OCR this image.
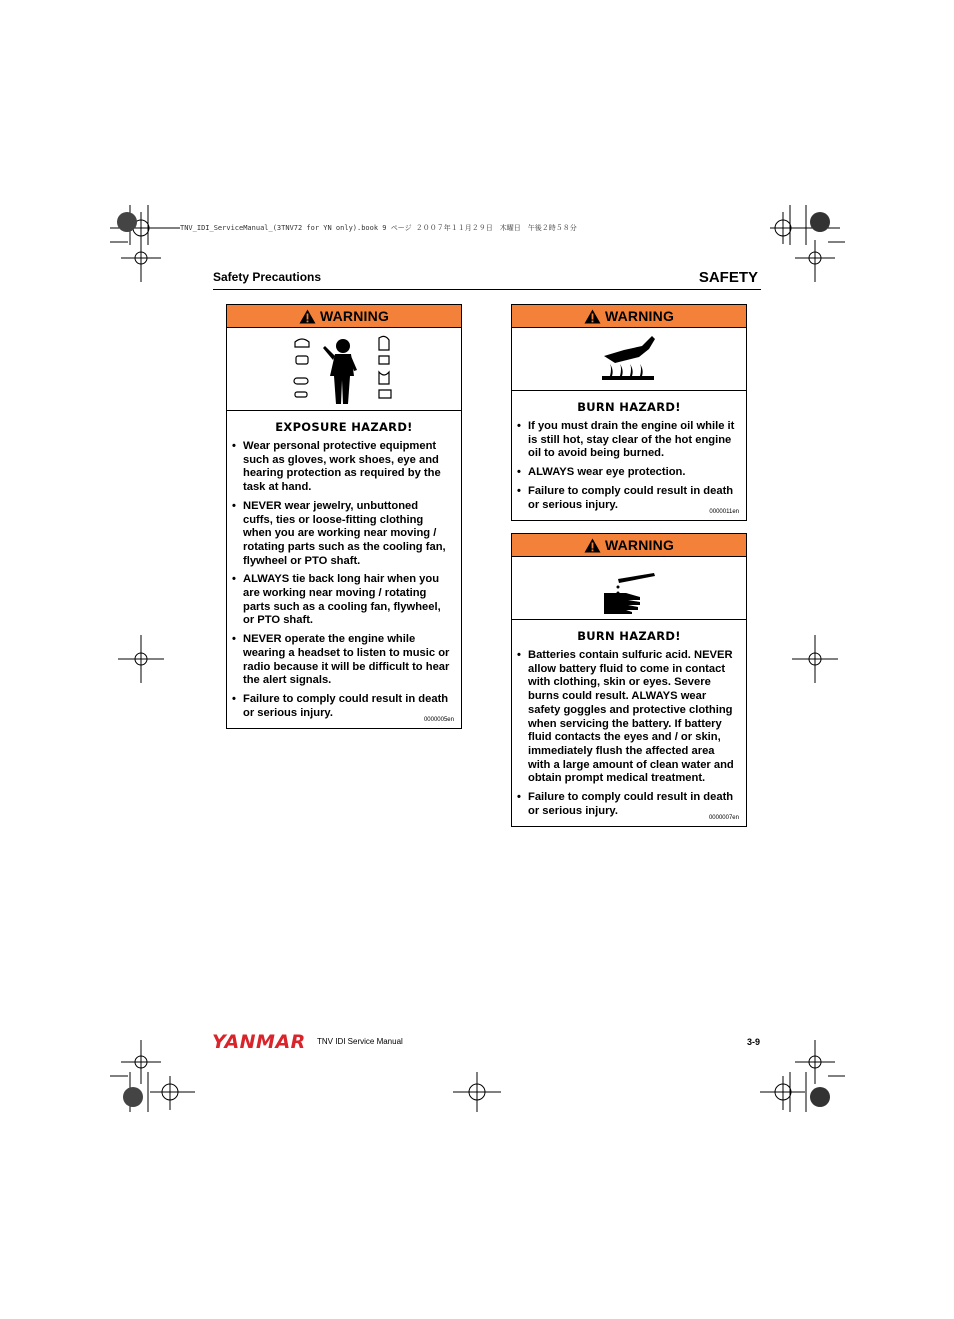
TNV_IDI_ServiceManual_(3TNV72 for YN only).book 9 ページ ２００７年１１月２９日　木曜日　午後２時５８分
Safety Precautions	SAFETY
WARNING
EXPOSURE HAZARD!
• Wear personal protective equipment such as gloves, work shoes, eye and hearing protection as required by the task at hand.
• NEVER wear jewelry, unbuttoned cuffs, ties or loose-fitting clothing when you are working near moving / rotating parts such as the cooling fan, flywheel or PTO shaft.
• ALWAYS tie back long hair when you are working near moving / rotating parts such as a cooling fan, flywheel, or PTO shaft.
• NEVER operate the engine while wearing a headset to listen to music or radio because it will be difficult to hear the alert signals.
• Failure to comply could result in death or serious injury.
0000005en
WARNING
BURN HAZARD!
• If you must drain the engine oil while it is still hot, stay clear of the hot engine oil to avoid being burned.
• ALWAYS wear eye protection.
• Failure to comply could result in death or serious injury.
0000011en
WARNING
BURN HAZARD!
• Batteries contain sulfuric acid. NEVER allow battery fluid to come in contact with clothing, skin or eyes. Severe burns could result. ALWAYS wear safety goggles and protective clothing when servicing the battery. If battery fluid contacts the eyes and / or skin, immediately flush the affected area with a large amount of clean water and obtain prompt medical treatment.
• Failure to comply could result in death or serious injury.
0000007en
YANMAR TNV IDI Service Manual	3-9
